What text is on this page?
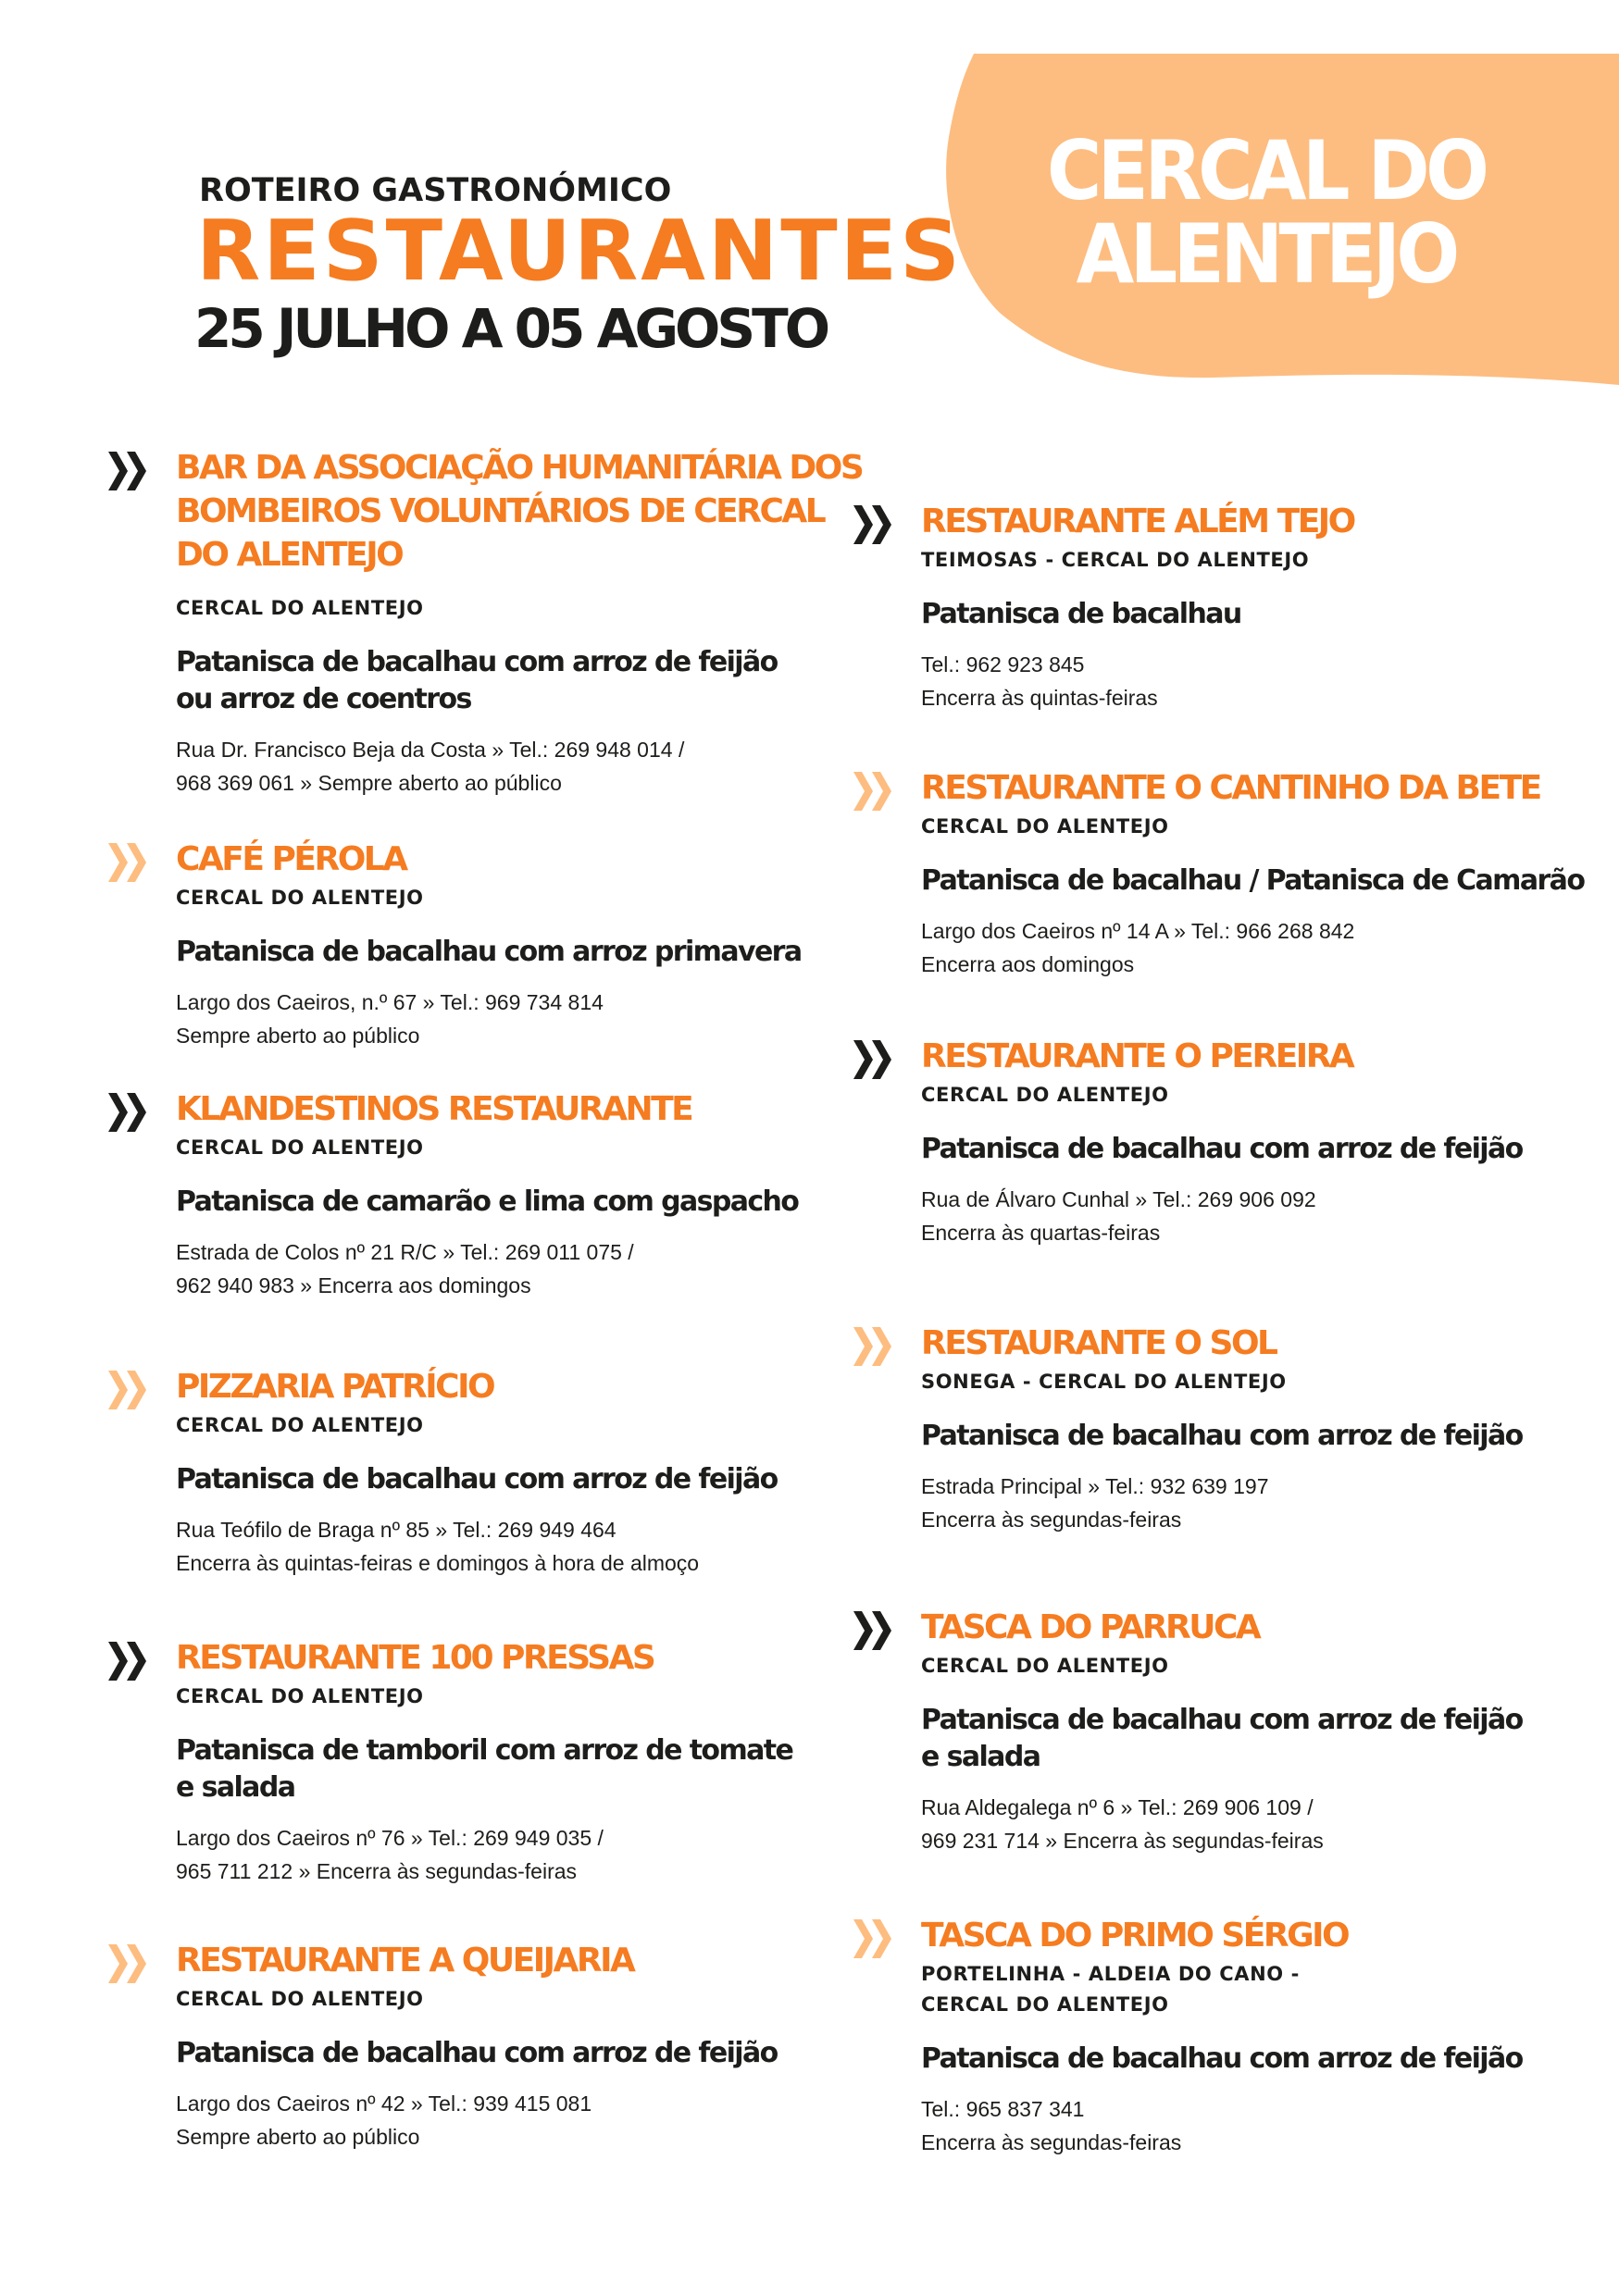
CERCAL DO
ALENTEJO
ROTEIRO GASTRONÓMICO
RESTAURANTES
25 JULHO A 05 AGOSTO
BAR DA ASSOCIAÇÃO HUMANITÁRIA DOS
BOMBEIROS VOLUNTÁRIOS DE CERCAL
DO ALENTEJO
CERCAL DO ALENTEJO
Patanisca de bacalhau com arroz de feijão
ou arroz de coentros
Rua Dr. Francisco Beja da Costa » Tel.: 269 948 014 /
968 369 061 » Sempre aberto ao público
CAFÉ PÉROLA
CERCAL DO ALENTEJO
Patanisca de bacalhau com arroz primavera
Largo dos Caeiros, n.º 67 » Tel.: 969 734 814
Sempre aberto ao público
KLANDESTINOS RESTAURANTE
CERCAL DO ALENTEJO
Patanisca de camarão e lima com gaspacho
Estrada de Colos nº 21 R/C » Tel.: 269 011 075 /
962 940 983 » Encerra aos domingos
PIZZARIA PATRÍCIO
CERCAL DO ALENTEJO
Patanisca de bacalhau com arroz de feijão
Rua Teófilo de Braga nº 85 » Tel.: 269 949 464
Encerra às quintas-feiras e domingos à hora de almoço
RESTAURANTE 100 PRESSAS
CERCAL DO ALENTEJO
Patanisca de tamboril com arroz de tomate
e salada
Largo dos Caeiros nº 76 » Tel.: 269 949 035 /
965 711 212 » Encerra às segundas-feiras
RESTAURANTE A QUEIJARIA
CERCAL DO ALENTEJO
Patanisca de bacalhau com arroz de feijão
Largo dos Caeiros nº 42 » Tel.: 939 415 081
Sempre aberto ao público
RESTAURANTE ALÉM TEJO
TEIMOSAS - CERCAL DO ALENTEJO
Patanisca de bacalhau
Tel.: 962 923 845
Encerra às quintas-feiras
RESTAURANTE O CANTINHO DA BETE
CERCAL DO ALENTEJO
Patanisca de bacalhau / Patanisca de Camarão
Largo dos Caeiros nº 14 A » Tel.: 966 268 842
Encerra aos domingos
RESTAURANTE O PEREIRA
CERCAL DO ALENTEJO
Patanisca de bacalhau com arroz de feijão
Rua de Álvaro Cunhal » Tel.: 269 906 092
Encerra às quartas-feiras
RESTAURANTE O SOL
SONEGA - CERCAL DO ALENTEJO
Patanisca de bacalhau com arroz de feijão
Estrada Principal » Tel.: 932 639 197
Encerra às segundas-feiras
TASCA DO PARRUCA
CERCAL DO ALENTEJO
Patanisca de bacalhau com arroz de feijão
e salada
Rua Aldegalega nº 6 » Tel.: 269 906 109 /
969 231 714 » Encerra às segundas-feiras
TASCA DO PRIMO SÉRGIO
PORTELINHA - ALDEIA DO CANO -
CERCAL DO ALENTEJO
Patanisca de bacalhau com arroz de feijão
Tel.: 965 837 341
Encerra às segundas-feiras
